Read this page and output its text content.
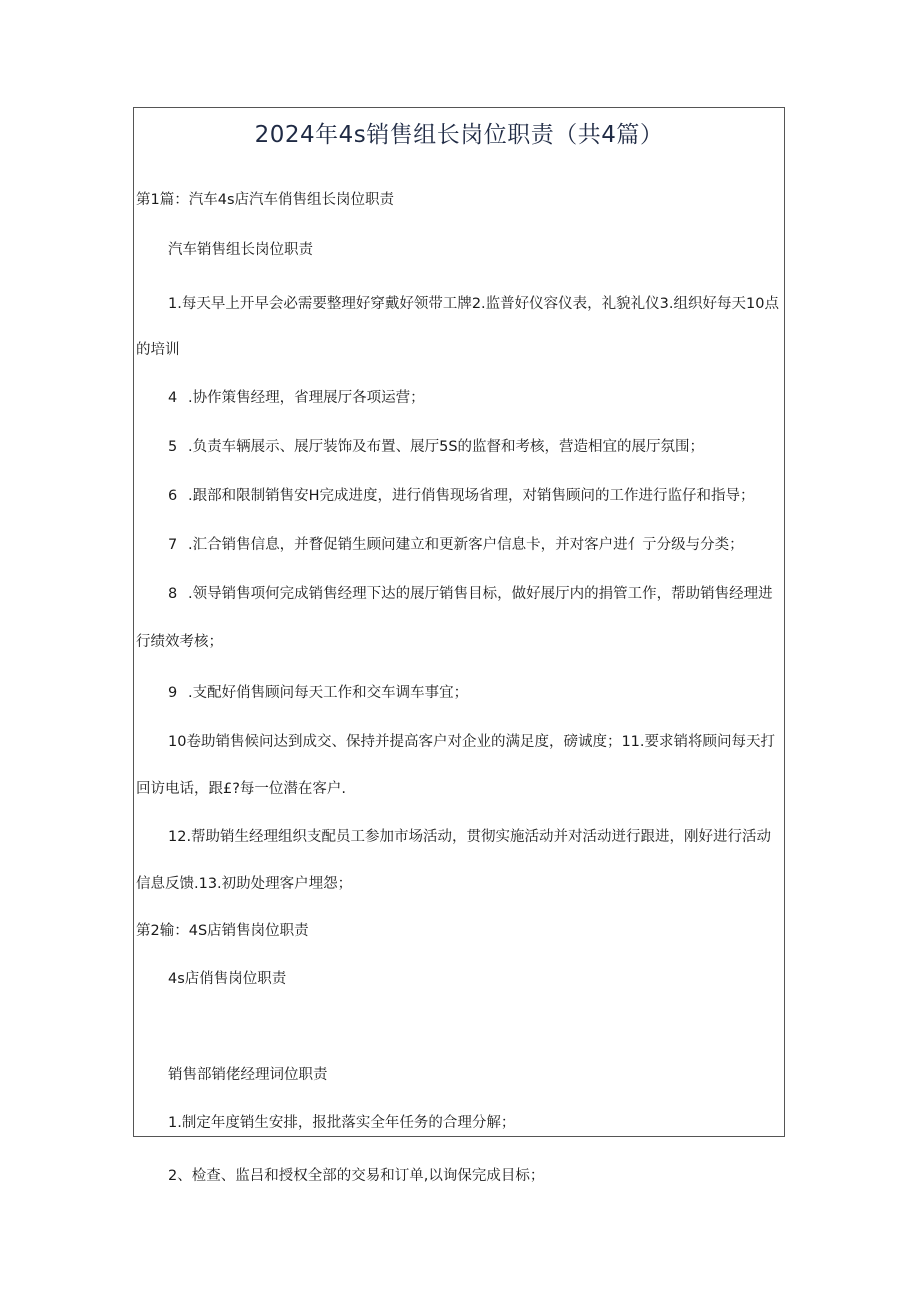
2024年4s销售组长岗位职责（共4篇）
第1篇：汽车4s店汽车俏售组长岗位职责
汽车销售组长岗位职责
1.每天早上开早会必需要整理好穿戴好领带工牌2.监普好仪容仪表，礼貌礼仪3.组织好每天10点
的培训
4 .协作策售经理，省理展厅各项运营；
5 .负责车辆展示、展厅装饰及布置、展厅5S的监督和考核，营造相宜的展厅氛围；
6 .跟部和限制销售安H完成进度，进行俏售现场省理，对销售顾问的工作进行监仔和指导；
7 .汇合销售信息，并瞀促销生顾问建立和更新客户信息卡，并对客户进亻亍分级与分类；
8 .领导销售项何完成销售经理下达的展厅销售目标，做好展厅内的捐管工作，帮助销售经理进
行绩效考核；
9 .支配好俏售顾问每天工作和交车调车事宜；
10卷助销售候问达到成交、保持并提高客户对企业的满足度，磅诚度；11.要求销将顾问每天打
回访电话，跟£?每一位潜在客户.
12.帮助销生经理组织支配员工参加市场活动，贯彻实施活动并对活动迸行跟进，刚好进行活动
信息反馈.13.初助处理客户埋怨；
第2输：4S店销售岗位职责
4s店俏售岗位职责
销售部销佬经理词位职责
1.制定年度销生安排，报批落实全年任务的合理分解；
2、检查、监吕和授权全部的交易和订单,以询保完成目标；
